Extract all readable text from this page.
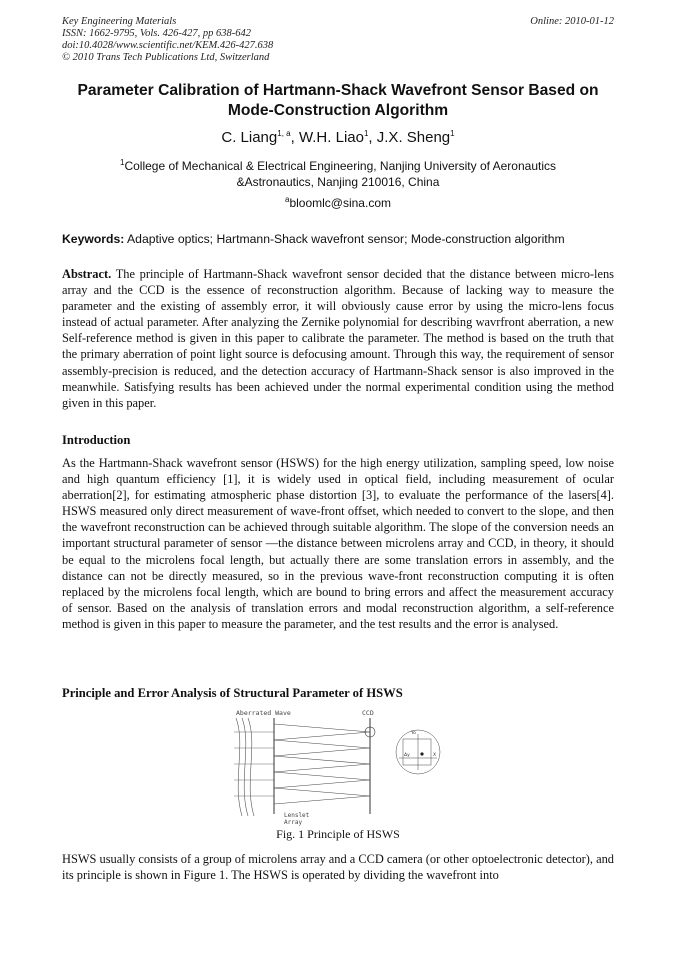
Key Engineering Materials
ISSN: 1662-9795, Vols. 426-427, pp 638-642
doi:10.4028/www.scientific.net/KEM.426-427.638
© 2010 Trans Tech Publications Ltd, Switzerland
Online: 2010-01-12
Parameter Calibration of Hartmann-Shack Wavefront Sensor Based on
Mode-Construction Algorithm
C. Liang$^{1, a}$, W.H. Liao$^1$, J.X. Sheng$^1$
$^1$College of Mechanical & Electrical Engineering, Nanjing University of Aeronautics
&Astronautics, Nanjing 210016, China
$^a$bloomlc@sina.com
Keywords: Adaptive optics; Hartmann-Shack wavefront sensor; Mode-construction algorithm
Abstract. The principle of Hartmann-Shack wavefront sensor decided that the distance between micro-lens array and the CCD is the essence of reconstruction algorithm. Because of lacking way to measure the parameter and the existing of assembly error, it will obviously cause error by using the micro-lens focus instead of actual parameter. After analyzing the Zernike polynomial for describing wavrfront aberration, a new Self-reference method is given in this paper to calibrate the parameter. The method is based on the truth that the primary aberration of point light source is defocusing amount. Through this way, the requirement of sensor assembly-precision is reduced, and the detection accuracy of Hartmann-Shack sensor is also improved in the meanwhile. Satisfying results has been achieved under the normal experimental condition using the method given in this paper.
Introduction
As the Hartmann-Shack wavefront sensor (HSWS) for the high energy utilization, sampling speed, low noise and high quantum efficiency [1], it is widely used in optical field, including measurement of ocular aberration[2], for estimating atmospheric phase distortion [3], to evaluate the performance of the lasers[4]. HSWS measured only direct measurement of wave-front offset, which needed to convert to the slope, and then the wavefront reconstruction can be achieved through suitable algorithm. The slope of the conversion needs an important structural parameter of sensor —the distance between microlens array and CCD, in theory, it should be equal to the microlens focal length, but actually there are some translation errors in assembly, and the distance can not be directly measured, so in the previous wave-front reconstruction computing it is often replaced by the microlens focal length, which are bound to bring errors and affect the measurement accuracy of sensor. Based on the analysis of translation errors and modal reconstruction algorithm, a self-reference method is given in this paper to measure the parameter, and the test results and the error is analysed.
Principle and Error Analysis of Structural Parameter of HSWS
Aberrated Wave	CCD
Yo
Δy	X
Lenslet
Array
Fig. 1 Principle of HSWS
HSWS usually consists of a group of microlens array and a CCD camera (or other optoelectronic detector), and its principle is shown in Figure 1. The HSWS is operated by dividing the wavefront into
